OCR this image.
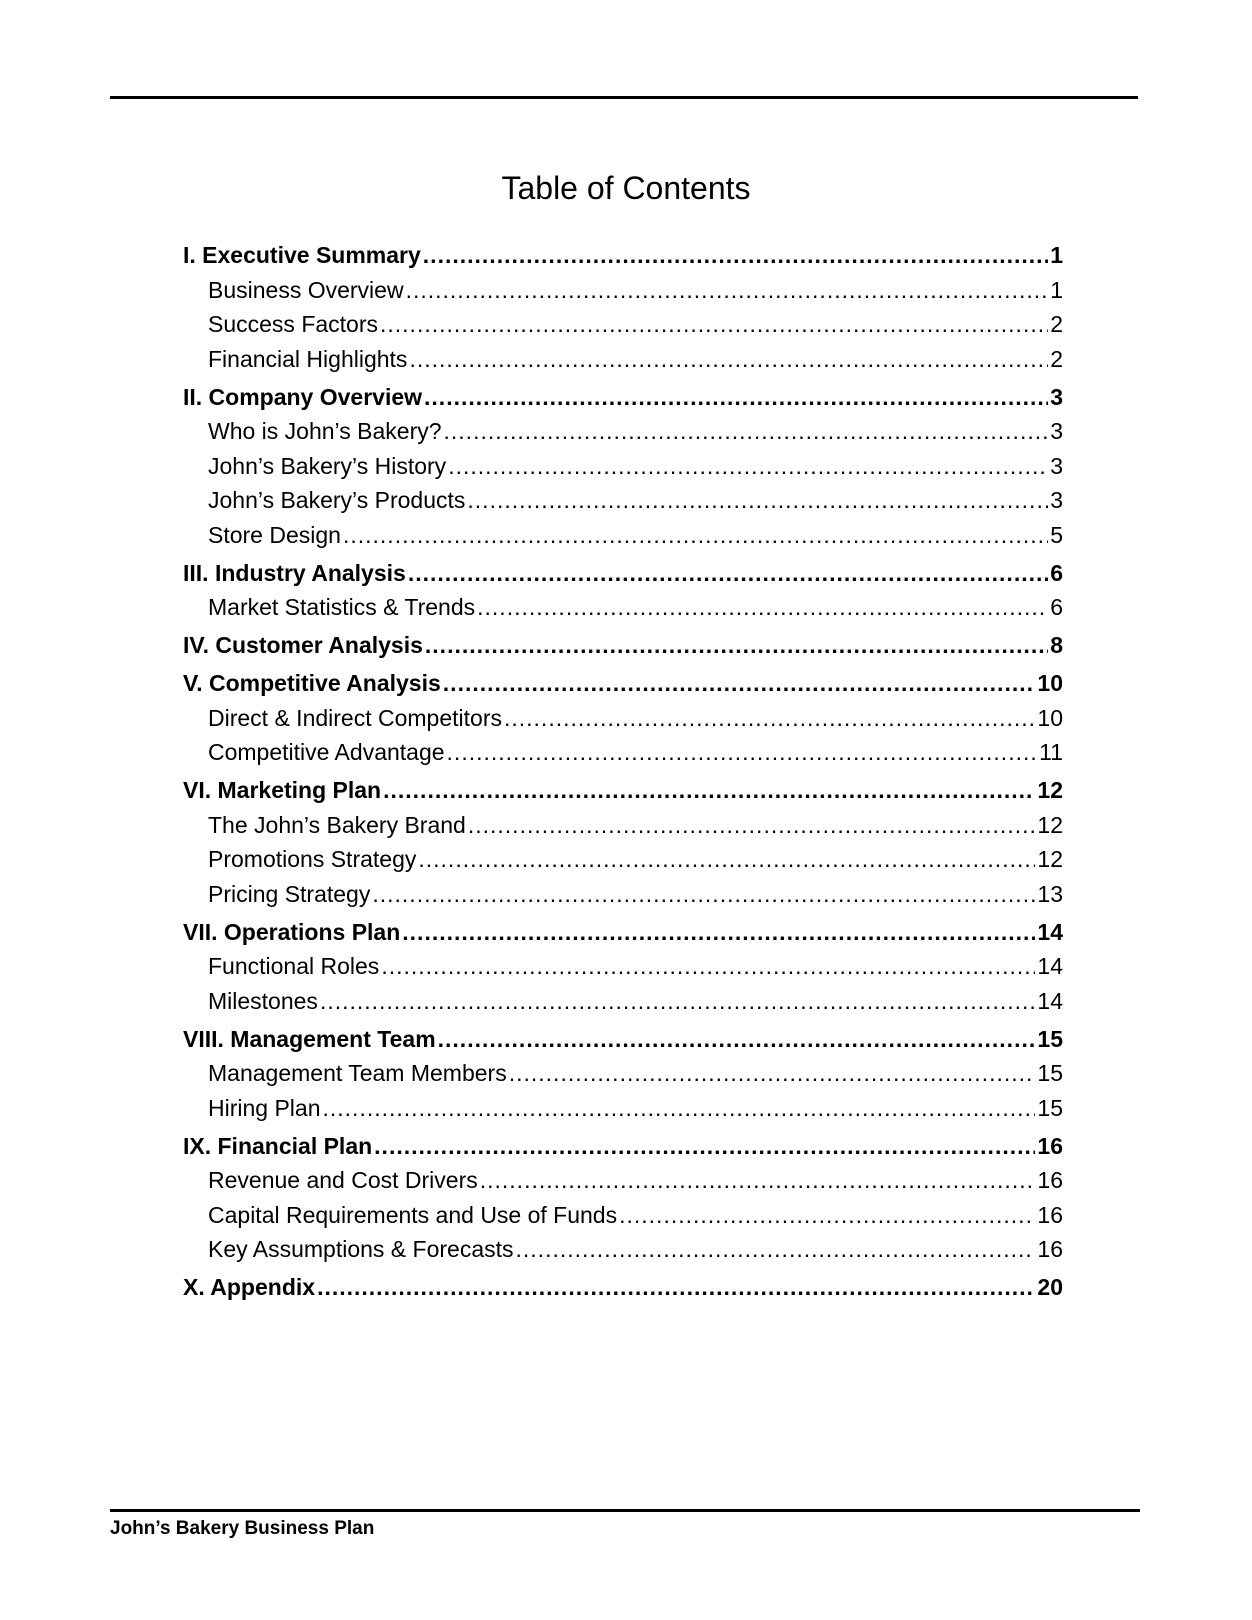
Table of Contents
I. Executive Summary .....	1
Business Overview .....	1
Success Factors .....	2
Financial Highlights .....	2
II. Company Overview .....	3
Who is John’s Bakery? .....	3
John’s Bakery’s History .....	3
John’s Bakery’s Products .....	3
Store Design .....	5
III. Industry Analysis .....	6
Market Statistics & Trends .....	6
IV. Customer Analysis .....	8
V. Competitive Analysis .....	10
Direct & Indirect Competitors .....	10
Competitive Advantage .....	11
VI. Marketing Plan .....	12
The John’s Bakery Brand .....	12
Promotions Strategy .....	12
Pricing Strategy .....	13
VII. Operations Plan .....	14
Functional Roles .....	14
Milestones .....	14
VIII. Management Team .....	15
Management Team Members .....	15
Hiring Plan .....	15
IX. Financial Plan .....	16
Revenue and Cost Drivers .....	16
Capital Requirements and Use of Funds .....	16
Key Assumptions & Forecasts .....	16
X. Appendix .....	20
John’s Bakery Business Plan
